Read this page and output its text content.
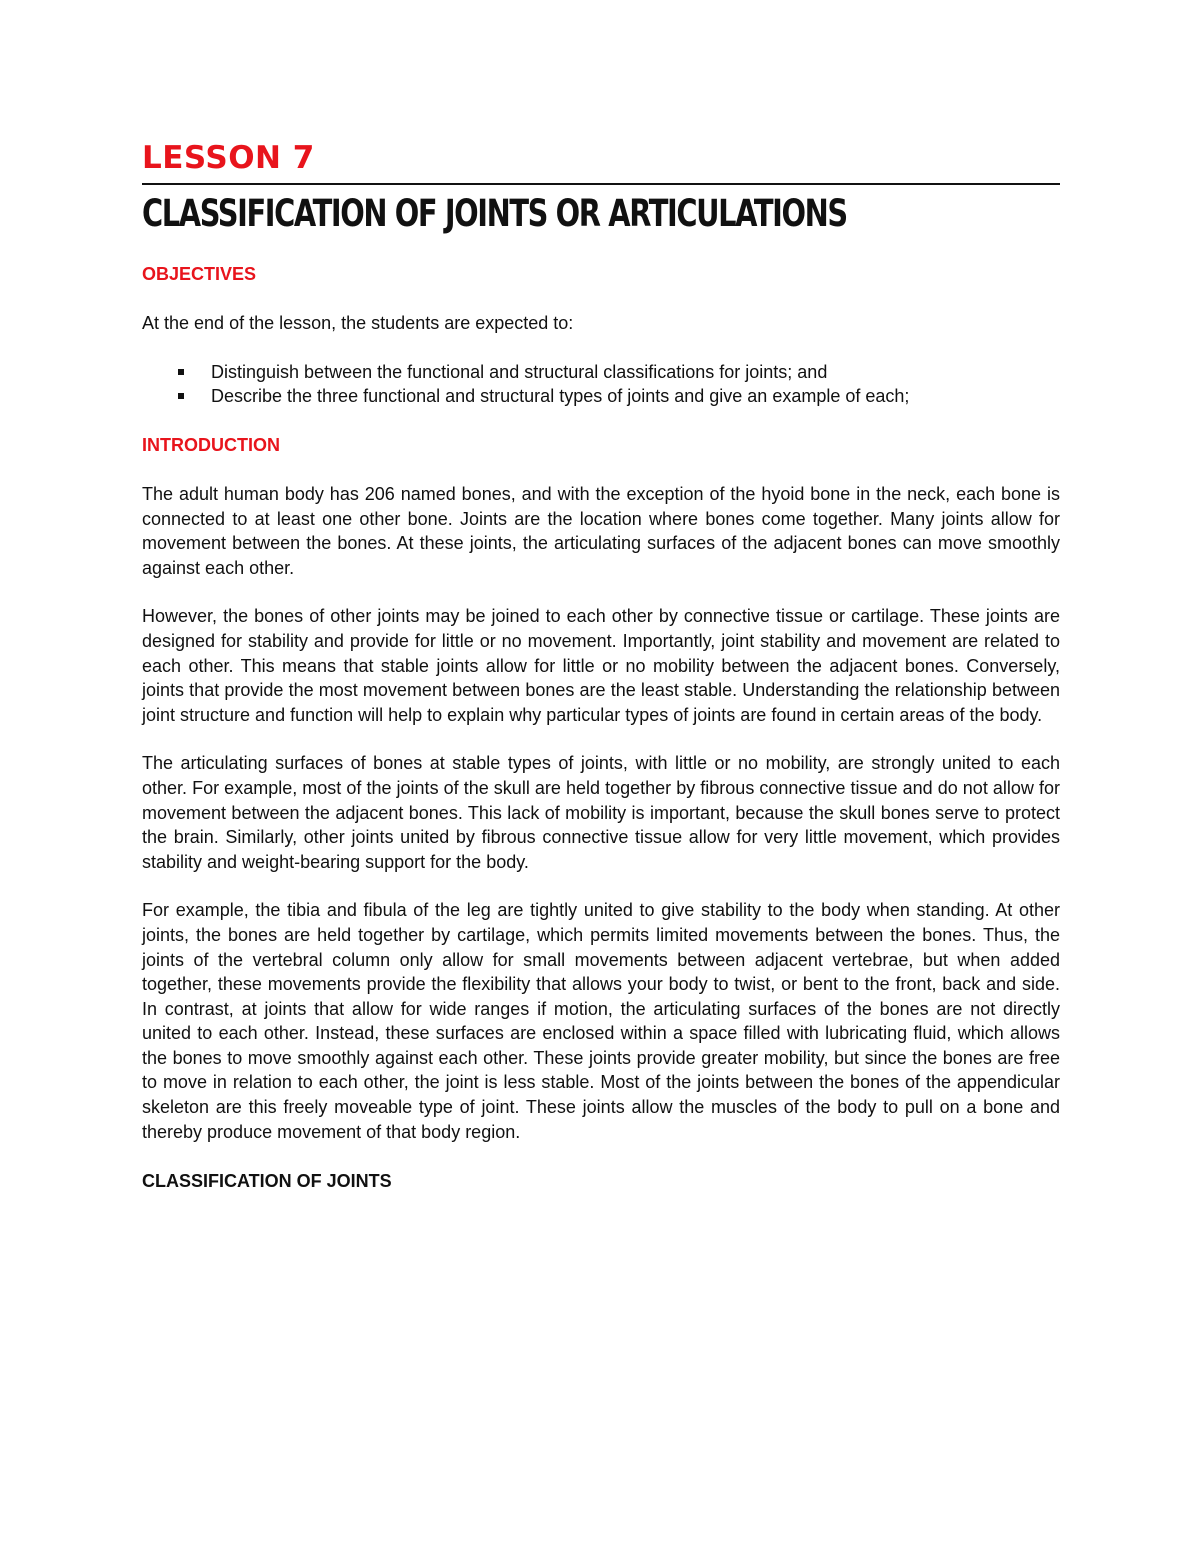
LESSON 7
CLASSIFICATION OF JOINTS OR ARTICULATIONS
OBJECTIVES

At the end of the lesson, the students are expected to:

Distinguish between the functional and structural classifications for joints; and
Describe the three functional and structural types of joints and give an example of each;
INTRODUCTION

The adult human body has 206 named bones, and with the exception of the hyoid bone in the neck, each bone is connected to at least one other bone. Joints are the location where bones come together. Many joints allow for movement between the bones. At these joints, the articulating surfaces of the adjacent bones can move smoothly against each other.

However, the bones of other joints may be joined to each other by connective tissue or cartilage. These joints are designed for stability and provide for little or no movement. Importantly, joint stability and movement are related to each other. This means that stable joints allow for little or no mobility between the adjacent bones. Conversely, joints that provide the most movement between bones are the least stable. Understanding the relationship between joint structure and function will help to explain why particular types of joints are found in certain areas of the body.

The articulating surfaces of bones at stable types of joints, with little or no mobility, are strongly united to each other. For example, most of the joints of the skull are held together by fibrous connective tissue and do not allow for movement between the adjacent bones. This lack of mobility is important, because the skull bones serve to protect the brain. Similarly, other joints united by fibrous connective tissue allow for very little movement, which provides stability and weight-bearing support for the body.

For example, the tibia and fibula of the leg are tightly united to give stability to the body when standing. At other joints, the bones are held together by cartilage, which permits limited movements between the bones. Thus, the joints of the vertebral column only allow for small movements between adjacent vertebrae, but when added together, these movements provide the flexibility that allows your body to twist, or bent to the front, back and side. In contrast, at joints that allow for wide ranges if motion, the articulating surfaces of the bones are not directly united to each other. Instead, these surfaces are enclosed within a space filled with lubricating fluid, which allows the bones to move smoothly against each other. These joints provide greater mobility, but since the bones are free to move in relation to each other, the joint is less stable. Most of the joints between the bones of the appendicular skeleton are this freely moveable type of joint. These joints allow the muscles of the body to pull on a bone and thereby produce movement of that body region.

CLASSIFICATION OF JOINTS
